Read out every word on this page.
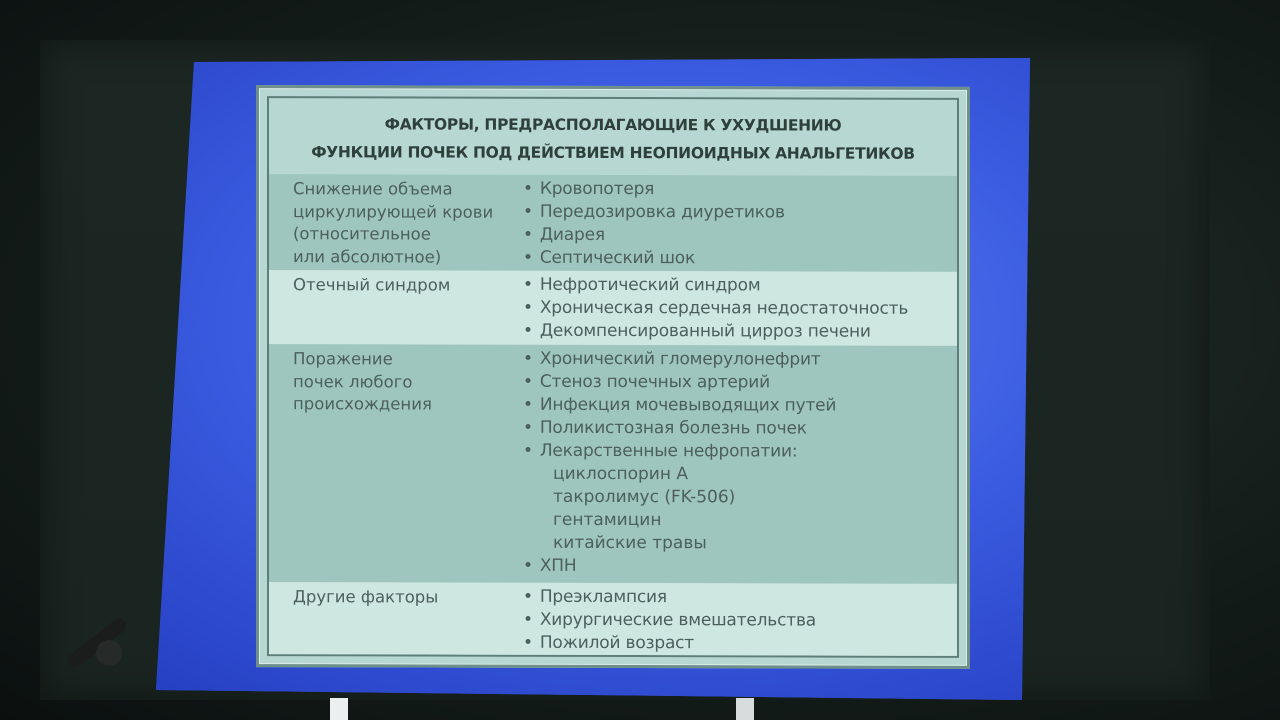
ФАКТОРЫ, ПРЕДРАСПОЛАГАЮЩИЕ К УХУДШЕНИЮ
ФУНКЦИИ ПОЧЕК ПОД ДЕЙСТВИЕМ НЕОПИОИДНЫХ АНАЛЬГЕТИКОВ
Снижение объема
циркулирующей крови
(относительное
или абсолютное)
• Кровопотеря
• Передозировка диуретиков
• Диарея
• Септический шок
Отечный синдром	• Нефротический синдром
• Хроническая сердечная недостаточность
• Декомпенсированный цирроз печени
Поражение
почек любого
происхождения
• Хронический гломерулонефрит
• Стеноз почечных артерий
• Инфекция мочевыводящих путей
• Поликистозная болезнь почек
• Лекарственные нефропатии:
циклоспорин А
такролимус (FK-506)
гентамицин
китайские травы
• ХПН
Другие факторы	• Преэклампсия
• Хирургические вмешательства
• Пожилой возраст
